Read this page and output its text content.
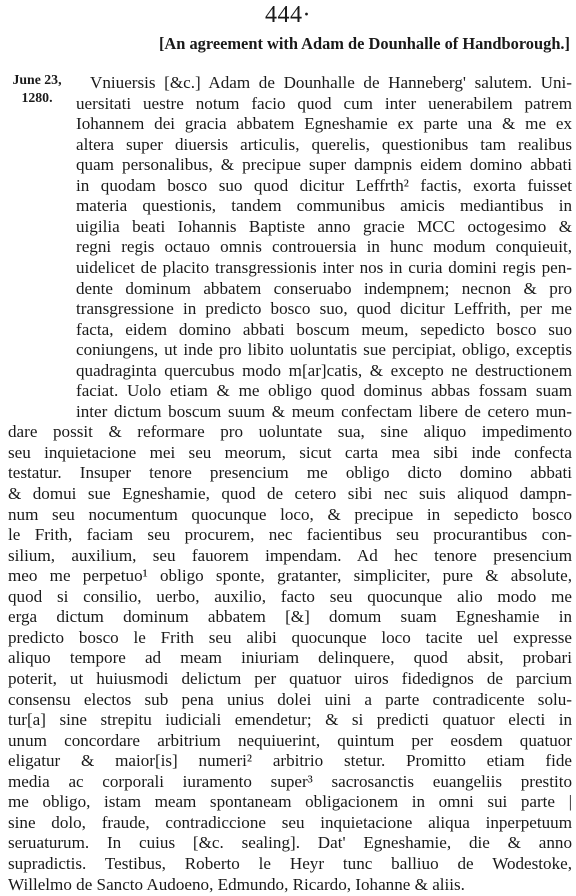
444·
[An agreement with Adam de Dounhalle of Handborough.]
June 23,
1280.
Vniuersis [&c.] Adam de Dounhalle de Hanneberg' salutem. Uni-
uersitati uestre notum facio quod cum inter uenerabilem patrem
Iohannem dei gracia abbatem Egneshamie ex parte una & me ex
altera super diuersis articulis, querelis, questionibus tam realibus
quam personalibus, & precipue super dampnis eidem domino abbati
in quodam bosco suo quod dicitur Leffrth² factis, exorta fuisset
materia questionis, tandem communibus amicis mediantibus in
uigilia beati Iohannis Baptiste anno gracie MCC octogesimo &
regni regis octauo omnis controuersia in hunc modum conquieuit,
uidelicet de placito transgressionis inter nos in curia domini regis pen-
dente dominum abbatem conseruabo indempnem; necnon & pro
transgressione in predicto bosco suo, quod dicitur Leffrith, per me
facta, eidem domino abbati boscum meum, sepedicto bosco suo
coniungens, ut inde pro libito uoluntatis sue percipiat, obligo, exceptis
quadraginta quercubus modo m[ar]catis, & excepto ne destructionem
faciat. Uolo etiam & me obligo quod dominus abbas fossam suam
inter dictum boscum suum & meum confectam libere de cetero mun-
dare possit & reformare pro uoluntate sua, sine aliquo impedimento
seu inquietacione mei seu meorum, sicut carta mea sibi inde confecta
testatur. Insuper tenore presencium me obligo dicto domino abbati
& domui sue Egneshamie, quod de cetero sibi nec suis aliquod dampn-
num seu nocumentum quocunque loco, & precipue in sepedicto bosco
le Frith, faciam seu procurem, nec facientibus seu procurantibus con-
silium, auxilium, seu fauorem impendam. Ad hec tenore presencium
meo me perpetuo¹ obligo sponte, gratanter, simpliciter, pure & absolute,
quod si consilio, uerbo, auxilio, facto seu quocunque alio modo me
erga dictum dominum abbatem [&] domum suam Egneshamie in
predicto bosco le Frith seu alibi quocunque loco tacite uel expresse
aliquo tempore ad meam iniuriam delinquere, quod absit, probari
poterit, ut huiusmodi delictum per quatuor uiros fidedignos de parcium
consensu electos sub pena unius dolei uini a parte contradicente solu-
tur[a] sine strepitu iudiciali emendetur; & si predicti quatuor electi in
unum concordare arbitrium nequiuerint, quintum per eosdem quatuor
eligatur & maior[is] numeri² arbitrio stetur. Promitto etiam fide
media ac corporali iuramento super³ sacrosanctis euangeliis prestito
me obligo, istam meam spontaneam obligacionem in omni sui parte |
sine dolo, fraude, contradiccione seu inquietacione aliqua inperpetuum
seruaturum. In cuius [&c. sealing]. Dat' Egneshamie, die & anno
supradictis. Testibus, Roberto le Heyr tunc balliuo de Wodestoke,
Willelmo de Sancto Audoeno, Edmundo, Ricardo, Iohanne & aliis.
